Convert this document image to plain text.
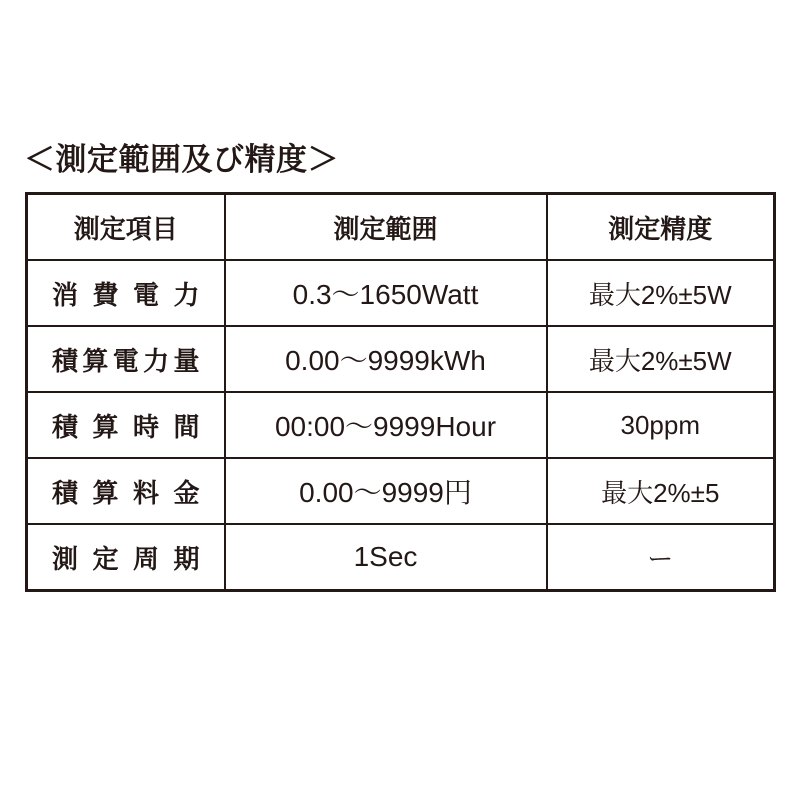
＜測定範囲及び精度＞
測定項目	測定範囲	測定精度
消費電力	0.3〜1650Watt	最大2%±5W
積算電力量	0.00〜9999kWh	最大2%±5W
積算時間	00:00〜9999Hour	30ppm
積算料金	0.00〜9999円	最大2%±5
測定周期	1Sec	ー
